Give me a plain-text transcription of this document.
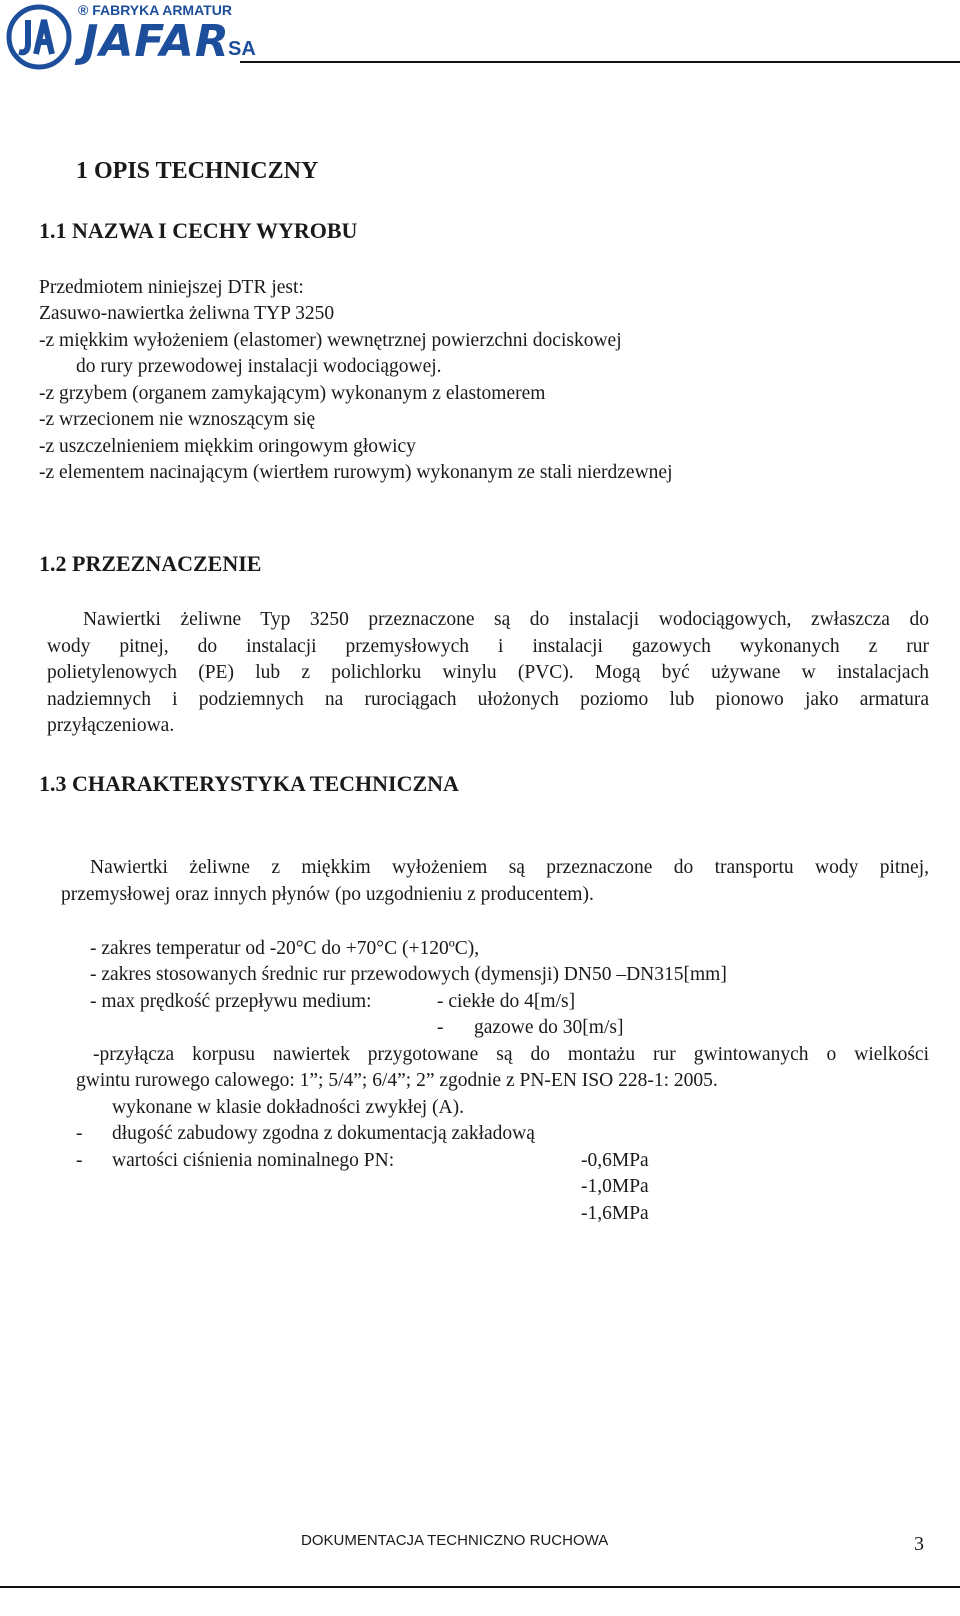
® FABRYKA ARMATUR
JAFAR
SA
1 OPIS TECHNICZNY
1.1 NAZWA I CECHY WYROBU
Przedmiotem niniejszej DTR jest:
Zasuwo-nawiertka żeliwna TYP 3250
-z miękkim wyłożeniem (elastomer) wewnętrznej powierzchni dociskowej
do rury przewodowej instalacji wodociągowej.
-z grzybem (organem zamykającym) wykonanym z elastomerem
-z wrzecionem nie wznoszącym się
-z uszczelnieniem miękkim oringowym głowicy
-z elementem nacinającym (wiertłem rurowym) wykonanym ze stali nierdzewnej
1.2 PRZEZNACZENIE
Nawiertki żeliwne Typ 3250 przeznaczone są do instalacji wodociągowych, zwłaszcza do
wody pitnej, do instalacji przemysłowych i instalacji gazowych wykonanych z rur
polietylenowych (PE) lub z polichlorku winylu (PVC). Mogą być używane w instalacjach
nadziemnych i podziemnych na rurociągach ułożonych poziomo lub pionowo jako armatura
przyłączeniowa.
1.3 CHARAKTERYSTYKA TECHNICZNA
Nawiertki żeliwne z miękkim wyłożeniem są przeznaczone do transportu wody pitnej,
przemysłowej oraz innych płynów (po uzgodnieniu z producentem).
- zakres temperatur od -20°C do +70°C (+120ºC),
- zakres stosowanych średnic rur przewodowych (dymensji) DN50 –DN315[mm]
- max prędkość przepływu medium:	- ciekłe do 4[m/s]
- gazowe do 30[m/s]
-przyłącza korpusu nawiertek przygotowane są do montażu rur gwintowanych o wielkości
gwintu rurowego calowego: 1”; 5/4”; 6/4”; 2” zgodnie z PN-EN ISO 228-1: 2005.
wykonane w klasie dokładności zwykłej (A).
- długość zabudowy zgodna z dokumentacją zakładową
- wartości ciśnienia nominalnego PN:	-0,6MPa
-1,0MPa
-1,6MPa
DOKUMENTACJA TECHNICZNO RUCHOWA	3
